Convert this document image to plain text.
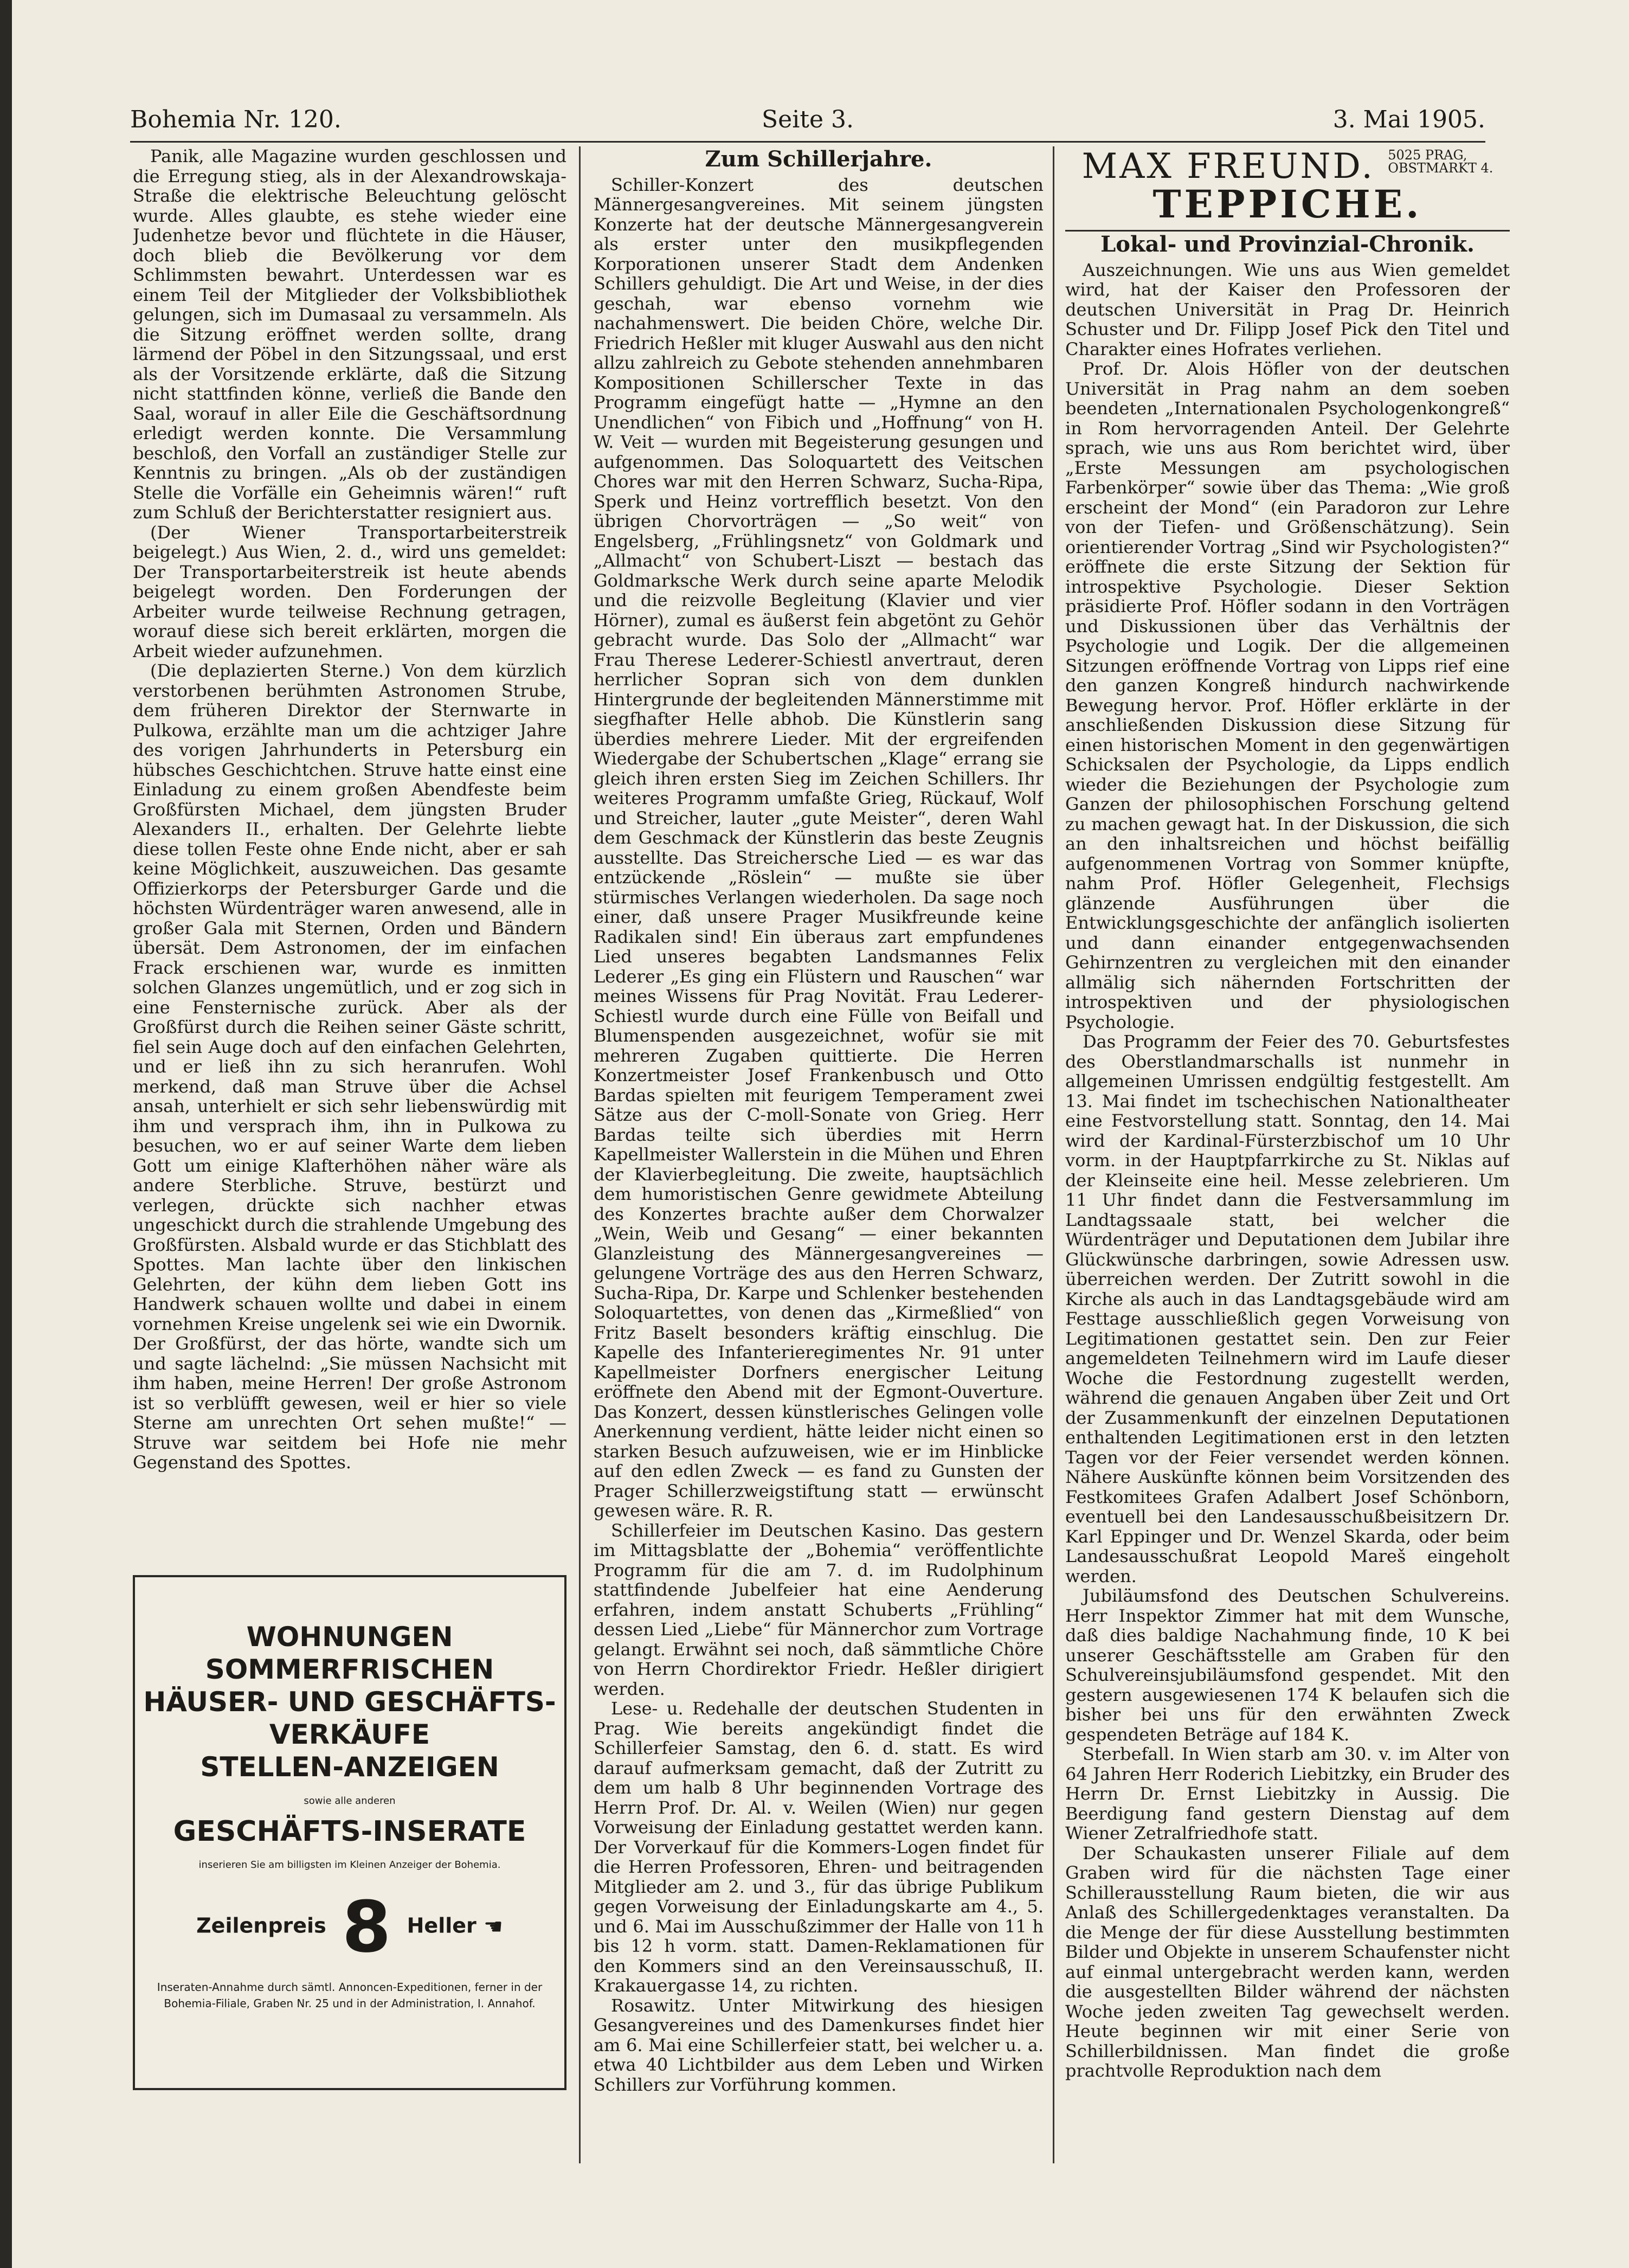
Bohemia Nr. 120.	Seite 3.	3. Mai 1905.

Panik, alle Magazine wurden geschlossen und die Erregung stieg, als in der Alexandrowskaja-Straße die elektrische Beleuchtung gelöscht wurde. Alles glaubte, es stehe wieder eine Judenhetze bevor und flüchtete in die Häuser, doch blieb die Bevölkerung vor dem Schlimmsten bewahrt. Unterdessen war es einem Teil der Mitglieder der Volksbibliothek gelungen, sich im Dumasaal zu versammeln. Als die Sitzung eröffnet werden sollte, drang lärmend der Pöbel in den Sitzungssaal, und erst als der Vorsitzende erklärte, daß die Sitzung nicht stattfinden könne, verließ die Bande den Saal, worauf in aller Eile die Geschäftsordnung erledigt werden konnte. Die Versammlung beschloß, den Vorfall an zuständiger Stelle zur Kenntnis zu bringen. „Als ob der zuständigen Stelle die Vorfälle ein Geheimnis wären!“ ruft zum Schluß der Berichterstatter resigniert aus.

(Der Wiener Transportarbeiterstreik beigelegt.) Aus Wien, 2. d., wird uns gemeldet: Der Transportarbeiterstreik ist heute abends beigelegt worden. Den Forderungen der Arbeiter wurde teilweise Rechnung getragen, worauf diese sich bereit erklärten, morgen die Arbeit wieder aufzunehmen.

(Die deplazierten Sterne.) Von dem kürzlich verstorbenen berühmten Astronomen Strube, dem früheren Direktor der Sternwarte in Pulkowa, erzählte man um die achtziger Jahre des vorigen Jahrhunderts in Petersburg ein hübsches Geschichtchen. Struve hatte einst eine Einladung zu einem großen Abendfeste beim Großfürsten Michael, dem jüngsten Bruder Alexanders II., erhalten. Der Gelehrte liebte diese tollen Feste ohne Ende nicht, aber er sah keine Möglichkeit, auszuweichen. Das gesamte Offizierkorps der Petersburger Garde und die höchsten Würdenträger waren anwesend, alle in großer Gala mit Sternen, Orden und Bändern übersät. Dem Astronomen, der im einfachen Frack erschienen war, wurde es inmitten solchen Glanzes ungemütlich, und er zog sich in eine Fensternische zurück. Aber als der Großfürst durch die Reihen seiner Gäste schritt, fiel sein Auge doch auf den einfachen Gelehrten, und er ließ ihn zu sich heranrufen. Wohl merkend, daß man Struve über die Achsel ansah, unterhielt er sich sehr liebenswürdig mit ihm und versprach ihm, ihn in Pulkowa zu besuchen, wo er auf seiner Warte dem lieben Gott um einige Klafterhöhen näher wäre als andere Sterbliche. Struve, bestürzt und verlegen, drückte sich nachher etwas ungeschickt durch die strahlende Umgebung des Großfürsten. Alsbald wurde er das Stichblatt des Spottes. Man lachte über den linkischen Gelehrten, der kühn dem lieben Gott ins Handwerk schauen wollte und dabei in einem vornehmen Kreise ungelenk sei wie ein Dwornik. Der Großfürst, der das hörte, wandte sich um und sagte lächelnd: „Sie müssen Nachsicht mit ihm haben, meine Herren! Der große Astronom ist so verblüfft gewesen, weil er hier so viele Sterne am unrechten Ort sehen mußte!“ — Struve war seitdem bei Hofe nie mehr Gegenstand des Spottes.

WOHNUNGEN
SOMMERFRISCHEN
HÄUSER- UND GESCHÄFTS-
VERKÄUFE
STELLEN-ANZEIGEN
sowie alle anderen
GESCHÄFTS-INSERATE
inserieren Sie am billigsten im Kleinen Anzeiger der Bohemia.
Zeilenpreis 8 Heller ☚
Inseraten-Annahme durch sämtl. Annoncen-Expeditionen, ferner in der Bohemia-Filiale, Graben Nr. 25 und in der Administration, I. Annahof.
Zum Schillerjahre.

Schiller-Konzert des deutschen Männergesangvereines. Mit seinem jüngsten Konzerte hat der deutsche Männergesangverein als erster unter den musikpflegenden Korporationen unserer Stadt dem Andenken Schillers gehuldigt. Die Art und Weise, in der dies geschah, war ebenso vornehm wie nachahmenswert. Die beiden Chöre, welche Dir. Friedrich Heßler mit kluger Auswahl aus den nicht allzu zahlreich zu Gebote stehenden annehmbaren Kompositionen Schillerscher Texte in das Programm eingefügt hatte — „Hymne an den Unendlichen“ von Fibich und „Hoffnung“ von H. W. Veit — wurden mit Begeisterung gesungen und aufgenommen. Das Soloquartett des Veitschen Chores war mit den Herren Schwarz, Sucha-Ripa, Sperk und Heinz vortrefflich besetzt. Von den übrigen Chorvorträgen — „So weit“ von Engelsberg, „Frühlingsnetz“ von Goldmark und „Allmacht“ von Schubert-Liszt — bestach das Goldmarksche Werk durch seine aparte Melodik und die reizvolle Begleitung (Klavier und vier Hörner), zumal es äußerst fein abgetönt zu Gehör gebracht wurde. Das Solo der „Allmacht“ war Frau Therese Lederer-Schiestl anvertraut, deren herrlicher Sopran sich von dem dunklen Hintergrunde der begleitenden Männerstimme mit siegfhafter Helle abhob. Die Künstlerin sang überdies mehrere Lieder. Mit der ergreifenden Wiedergabe der Schubertschen „Klage“ errang sie gleich ihren ersten Sieg im Zeichen Schillers. Ihr weiteres Programm umfaßte Grieg, Rückauf, Wolf und Streicher, lauter „gute Meister“, deren Wahl dem Geschmack der Künstlerin das beste Zeugnis ausstellte. Das Streichersche Lied — es war das entzückende „Röslein“ — mußte sie über stürmisches Verlangen wiederholen. Da sage noch einer, daß unsere Prager Musikfreunde keine Radikalen sind! Ein überaus zart empfundenes Lied unseres begabten Landsmannes Felix Lederer „Es ging ein Flüstern und Rauschen“ war meines Wissens für Prag Novität. Frau Lederer-Schiestl wurde durch eine Fülle von Beifall und Blumenspenden ausgezeichnet, wofür sie mit mehreren Zugaben quittierte. Die Herren Konzertmeister Josef Frankenbusch und Otto Bardas spielten mit feurigem Temperament zwei Sätze aus der C-moll-Sonate von Grieg. Herr Bardas teilte sich überdies mit Herrn Kapellmeister Wallerstein in die Mühen und Ehren der Klavierbegleitung. Die zweite, hauptsächlich dem humoristischen Genre gewidmete Abteilung des Konzertes brachte außer dem Chorwalzer „Wein, Weib und Gesang“ — einer bekannten Glanzleistung des Männergesangvereines — gelungene Vorträge des aus den Herren Schwarz, Sucha-Ripa, Dr. Karpe und Schlenker bestehenden Soloquartettes, von denen das „Kirmeßlied“ von Fritz Baselt besonders kräftig einschlug. Die Kapelle des Infanterieregimentes Nr. 91 unter Kapellmeister Dorfners energischer Leitung eröffnete den Abend mit der Egmont-Ouverture. Das Konzert, dessen künstlerisches Gelingen volle Anerkennung verdient, hätte leider nicht einen so starken Besuch aufzuweisen, wie er im Hinblicke auf den edlen Zweck — es fand zu Gunsten der Prager Schillerzweigstiftung statt — erwünscht gewesen wäre. R. R.

Schillerfeier im Deutschen Kasino. Das gestern im Mittagsblatte der „Bohemia“ veröffentlichte Programm für die am 7. d. im Rudolphinum stattfindende Jubelfeier hat eine Aenderung erfahren, indem anstatt Schuberts „Frühling“ dessen Lied „Liebe“ für Männerchor zum Vortrage gelangt. Erwähnt sei noch, daß sämmtliche Chöre von Herrn Chordirektor Friedr. Heßler dirigiert werden.

Lese- u. Redehalle der deutschen Studenten in Prag. Wie bereits angekündigt findet die Schillerfeier Samstag, den 6. d. statt. Es wird darauf aufmerksam gemacht, daß der Zutritt zu dem um halb 8 Uhr beginnenden Vortrage des Herrn Prof. Dr. Al. v. Weilen (Wien) nur gegen Vorweisung der Einladung gestattet werden kann. Der Vorverkauf für die Kommers-Logen findet für die Herren Professoren, Ehren- und beitragenden Mitglieder am 2. und 3., für das übrige Publikum gegen Vorweisung der Einladungskarte am 4., 5. und 6. Mai im Ausschußzimmer der Halle von 11 h bis 12 h vorm. statt. Damen-Reklamationen für den Kommers sind an den Vereinsausschuß, II. Krakauergasse 14, zu richten.

Rosawitz. Unter Mitwirkung des hiesigen Gesangvereines und des Damenkurses findet hier am 6. Mai eine Schillerfeier statt, bei welcher u. a. etwa 40 Lichtbilder aus dem Leben und Wirken Schillers zur Vorführung kommen.

MAX FREUND. 5025 PRAG,
OBSTMARKT 4.
TEPPICHE.
Lokal- und Provinzial-Chronik.

Auszeichnungen. Wie uns aus Wien gemeldet wird, hat der Kaiser den Professoren der deutschen Universität in Prag Dr. Heinrich Schuster und Dr. Filipp Josef Pick den Titel und Charakter eines Hofrates verliehen.

Prof. Dr. Alois Höfler von der deutschen Universität in Prag nahm an dem soeben beendeten „Internationalen Psychologenkongreß“ in Rom hervorragenden Anteil. Der Gelehrte sprach, wie uns aus Rom berichtet wird, über „Erste Messungen am psychologischen Farbenkörper“ sowie über das Thema: „Wie groß erscheint der Mond“ (ein Paradoron zur Lehre von der Tiefen- und Größenschätzung). Sein orientierender Vortrag „Sind wir Psychologisten?“ eröffnete die erste Sitzung der Sektion für introspektive Psychologie. Dieser Sektion präsidierte Prof. Höfler sodann in den Vorträgen und Diskussionen über das Verhältnis der Psychologie und Logik. Der die allgemeinen Sitzungen eröffnende Vortrag von Lipps rief eine den ganzen Kongreß hindurch nachwirkende Bewegung hervor. Prof. Höfler erklärte in der anschließenden Diskussion diese Sitzung für einen historischen Moment in den gegenwärtigen Schicksalen der Psychologie, da Lipps endlich wieder die Beziehungen der Psychologie zum Ganzen der philosophischen Forschung geltend zu machen gewagt hat. In der Diskussion, die sich an den inhaltsreichen und höchst beifällig aufgenommenen Vortrag von Sommer knüpfte, nahm Prof. Höfler Gelegenheit, Flechsigs glänzende Ausführungen über die Entwicklungsgeschichte der anfänglich isolierten und dann einander entgegenwachsenden Gehirnzentren zu vergleichen mit den einander allmälig sich nähernden Fortschritten der introspektiven und der physiologischen Psychologie.

Das Programm der Feier des 70. Geburtsfestes des Oberstlandmarschalls ist nunmehr in allgemeinen Umrissen endgültig festgestellt. Am 13. Mai findet im tschechischen Nationaltheater eine Festvorstellung statt. Sonntag, den 14. Mai wird der Kardinal-Fürsterzbischof um 10 Uhr vorm. in der Hauptpfarrkirche zu St. Niklas auf der Kleinseite eine heil. Messe zelebrieren. Um 11 Uhr findet dann die Festversammlung im Landtagssaale statt, bei welcher die Würdenträger und Deputationen dem Jubilar ihre Glückwünsche darbringen, sowie Adressen usw. überreichen werden. Der Zutritt sowohl in die Kirche als auch in das Landtagsgebäude wird am Festtage ausschließlich gegen Vorweisung von Legitimationen gestattet sein. Den zur Feier angemeldeten Teilnehmern wird im Laufe dieser Woche die Festordnung zugestellt werden, während die genauen Angaben über Zeit und Ort der Zusammenkunft der einzelnen Deputationen enthaltenden Legitimationen erst in den letzten Tagen vor der Feier versendet werden können. Nähere Auskünfte können beim Vorsitzenden des Festkomitees Grafen Adalbert Josef Schönborn, eventuell bei den Landesausschußbeisitzern Dr. Karl Eppinger und Dr. Wenzel Skarda, oder beim Landesausschußrat Leopold Mareš eingeholt werden.

Jubiläumsfond des Deutschen Schulvereins. Herr Inspektor Zimmer hat mit dem Wunsche, daß dies baldige Nachahmung finde, 10 K bei unserer Geschäftsstelle am Graben für den Schulvereinsjubiläumsfond gespendet. Mit den gestern ausgewiesenen 174 K belaufen sich die bisher bei uns für den erwähnten Zweck gespendeten Beträge auf 184 K.

Sterbefall. In Wien starb am 30. v. im Alter von 64 Jahren Herr Roderich Liebitzky, ein Bruder des Herrn Dr. Ernst Liebitzky in Aussig. Die Beerdigung fand gestern Dienstag auf dem Wiener Zetralfriedhofe statt.

Der Schaukasten unserer Filiale auf dem Graben wird für die nächsten Tage einer Schillerausstellung Raum bieten, die wir aus Anlaß des Schillergedenktages veranstalten. Da die Menge der für diese Ausstellung bestimmten Bilder und Objekte in unserem Schaufenster nicht auf einmal untergebracht werden kann, werden die ausgestellten Bilder während der nächsten Woche jeden zweiten Tag gewechselt werden. Heute beginnen wir mit einer Serie von Schillerbildnissen. Man findet die große prachtvolle Reproduktion nach dem
